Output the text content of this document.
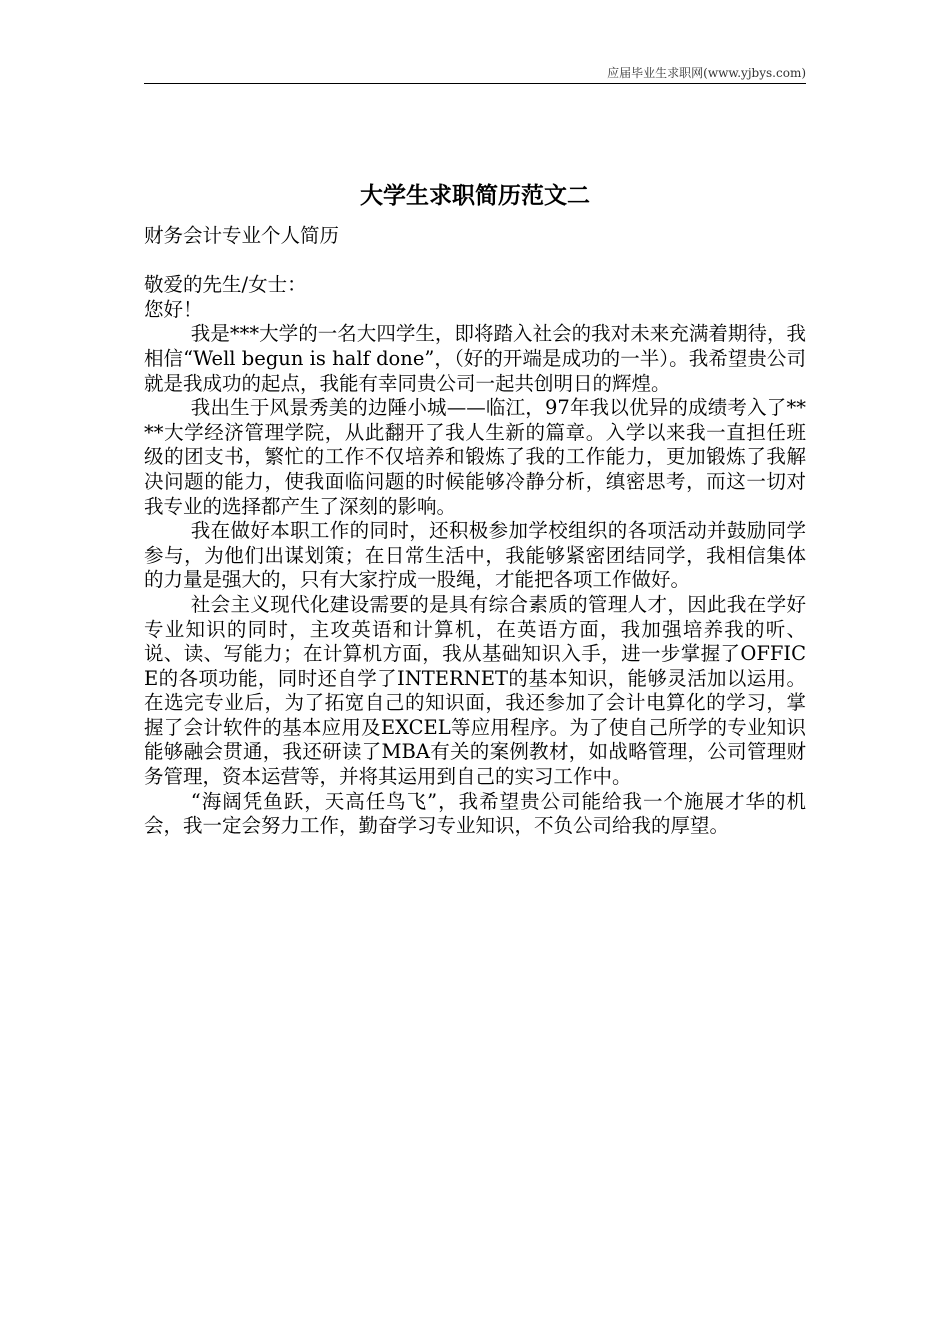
应届毕业生求职网(www.yjbys.com)
大学生求职简历范文二

财务会计专业个人简历

敬爱的先生/女士：

您好！

我是***大学的一名大四学生，即将踏入社会的我对未来充满着期待，我相信“Well begun is half done”，（好的开端是成功的一半）。我希望贵公司就是我成功的起点，我能有幸同贵公司一起共创明日的辉煌。

我出生于风景秀美的边陲小城——临江，97年我以优异的成绩考入了****大学经济管理学院，从此翻开了我人生新的篇章。入学以来我一直担任班级的团支书，繁忙的工作不仅培养和锻炼了我的工作能力，更加锻炼了我解决问题的能力，使我面临问题的时候能够冷静分析，缜密思考，而这一切对我专业的选择都产生了深刻的影响。

我在做好本职工作的同时，还积极参加学校组织的各项活动并鼓励同学参与，为他们出谋划策；在日常生活中，我能够紧密团结同学，我相信集体的力量是强大的，只有大家拧成一股绳，才能把各项工作做好。

社会主义现代化建设需要的是具有综合素质的管理人才，因此我在学好专业知识的同时，主攻英语和计算机，在英语方面，我加强培养我的听、说、读、写能力；在计算机方面，我从基础知识入手，进一步掌握了OFFICE的各项功能，同时还自学了INTERNET的基本知识，能够灵活加以运用。在选完专业后，为了拓宽自己的知识面，我还参加了会计电算化的学习，掌握了会计软件的基本应用及EXCEL等应用程序。为了使自己所学的专业知识能够融会贯通，我还研读了MBA有关的案例教材，如战略管理，公司管理财务管理，资本运营等，并将其运用到自己的实习工作中。

“海阔凭鱼跃，天高任鸟飞”，我希望贵公司能给我一个施展才华的机会，我一定会努力工作，勤奋学习专业知识，不负公司给我的厚望。
